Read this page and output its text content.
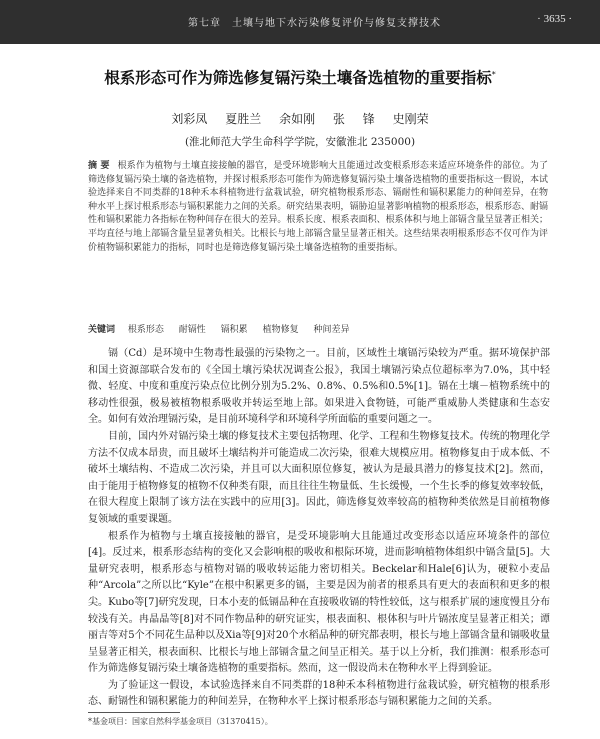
第七章 土壤与地下水污染修复评价与修复支撑技术	· 3635 ·
根系形态可作为筛选修复镉污染土壤备选植物的重要指标*
刘彩凤 夏胜兰 余如刚 张 锋 史刚荣
(淮北师范大学生命科学学院，安徽淮北 235000)
摘 要 根系作为植物与土壤直接接触的器官，是受环境影响大且能通过改变根系形态来适应环境条件的部位。为了筛选修复镉污染土壤的备选植物，并探讨根系形态可能作为筛选修复镉污染土壤备选植物的重要指标这一假说，本试验选择来自不同类群的18种禾本科植物进行盆栽试验，研究植物根系形态、镉耐性和镉积累能力的种间差异，在物种水平上探讨根系形态与镉积累能力之间的关系。研究结果表明，镉胁迫显著影响植物的根系形态，根系形态、耐镉性和镉积累能力各指标在物种间存在很大的差异。根系长度、根系表面积、根系体积与地上部镉含量呈显著正相关；平均直径与地上部镉含量呈显著负相关。比根长与地上部镉含量呈显著正相关。这些结果表明根系形态不仅可作为评价植物镉积累能力的指标，同时也是筛选修复镉污染土壤备选植物的重要指标。
关键词 根系形态 耐镉性 镉积累 植物修复 种间差异

镉（Cd）是环境中生物毒性最强的污染物之一。目前，区域性土壤镉污染较为严重。据环境保护部和国土资源部联合发布的《全国土壤污染状况调查公报》，我国土壤镉污染点位超标率为7.0%，其中轻微、轻度、中度和重度污染点位比例分别为5.2%、0.8%、0.5%和0.5%[1]。镉在土壤－植物系统中的移动性很强，极易被植物根系吸收并转运至地上部。如果进入食物链，可能严重威胁人类健康和生态安全。如何有效治理镉污染，是目前环境科学和环境科学所面临的重要问题之一。

目前，国内外对镉污染土壤的修复技术主要包括物理、化学、工程和生物修复技术。传统的物理化学方法不仅成本昂贵，而且破坏土壤结构并可能造成二次污染，很难大规模应用。植物修复由于成本低、不破坏土壤结构、不造成二次污染，并且可以大面积原位修复，被认为是最具潜力的修复技术[2]。然而，由于能用于植物修复的植物不仅种类有限，而且往往生物量低、生长缓慢，一个生长季的修复效率较低，在很大程度上限制了该方法在实践中的应用[3]。因此，筛选修复效率较高的植物种类依然是目前植物修复领域的重要课题。

根系作为植物与土壤直接接触的器官，是受环境影响大且能通过改变形态以适应环境条件的部位[4]。反过来，根系形态结构的变化又会影响根的吸收和根际环境，进而影响植物体组织中镉含量[5]。大量研究表明，根系形态与植物对镉的吸收转运能力密切相关。Beckelar和Hale[6]认为，硬粒小麦品种“Arcola”之所以比“Kyle”在根中积累更多的镉，主要是因为前者的根系具有更大的表面积和更多的根尖。Kubo等[7]研究发现，日本小麦的低镉品种在直接吸收镉的特性较低，这与根系扩展的速度慢且分布较浅有关。冉晶晶等[8]对不同作物品种的研究证实，根表面积、根体积与叶片镉浓度呈显著正相关；谭丽吉等对5个不同花生品种以及Xia等[9]对20个水稻品种的研究都表明，根长与地上部镉含量和镉吸收量呈显著正相关，根表面积、比根长与地上部镉含量之间呈正相关。基于以上分析，我们推测：根系形态可作为筛选修复镉污染土壤备选植物的重要指标。然而，这一假设尚未在物种水平上得到验证。

为了验证这一假设，本试验选择来自不同类群的18种禾本科植物进行盆栽试验，研究植物的根系形态、耐镉性和镉积累能力的种间差异，在物种水平上探讨根系形态与镉积累能力之间的关系。

*基金项目：国家自然科学基金项目（31370415）。
